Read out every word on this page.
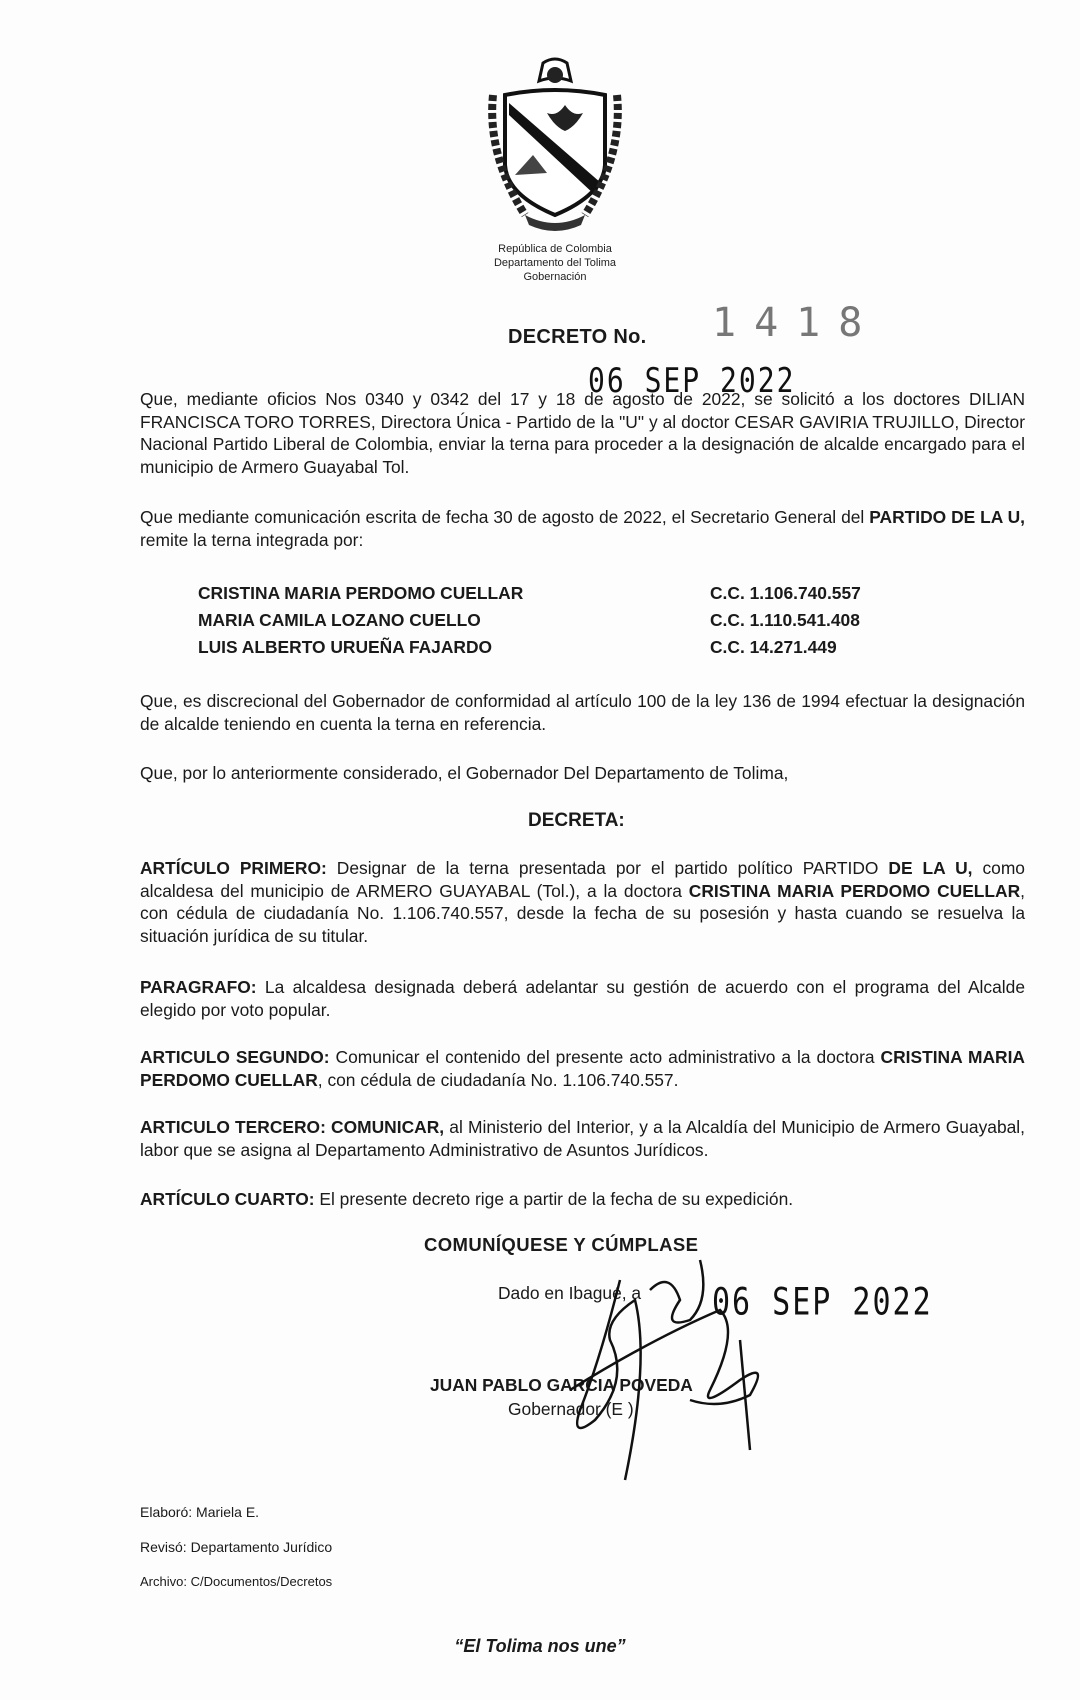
República de Colombia
Departamento del Tolima
Gobernación
DECRETO No. 1418
06 SEP 2022
Que, mediante oficios Nos 0340 y 0342 del 17 y 18 de agosto de 2022, se solicitó a los doctores DILIAN FRANCISCA TORO TORRES, Directora Única - Partido de la "U" y al doctor CESAR GAVIRIA TRUJILLO, Director Nacional Partido Liberal de Colombia, enviar la terna para proceder a la designación de alcalde encargado para el municipio de Armero Guayabal Tol.
Que mediante comunicación escrita de fecha 30 de agosto de 2022, el Secretario General del PARTIDO DE LA U, remite la terna integrada por:
CRISTINA MARIA PERDOMO CUELLAR	C.C. 1.106.740.557
MARIA CAMILA LOZANO CUELLO	C.C. 1.110.541.408
LUIS ALBERTO URUEÑA FAJARDO	C.C. 14.271.449
Que, es discrecional del Gobernador de conformidad al artículo 100 de la ley 136 de 1994 efectuar la designación de alcalde teniendo en cuenta la terna en referencia.
Que, por lo anteriormente considerado, el Gobernador Del Departamento de Tolima,
DECRETA:
ARTÍCULO PRIMERO: Designar de la terna presentada por el partido político PARTIDO DE LA U, como alcaldesa del municipio de ARMERO GUAYABAL (Tol.), a la doctora CRISTINA MARIA PERDOMO CUELLAR, con cédula de ciudadanía No. 1.106.740.557, desde la fecha de su posesión y hasta cuando se resuelva la situación jurídica de su titular.
PARAGRAFO: La alcaldesa designada deberá adelantar su gestión de acuerdo con el programa del Alcalde elegido por voto popular.
ARTICULO SEGUNDO: Comunicar el contenido del presente acto administrativo a la doctora CRISTINA MARIA PERDOMO CUELLAR, con cédula de ciudadanía No. 1.106.740.557.
ARTICULO TERCERO: COMUNICAR, al Ministerio del Interior, y a la Alcaldía del Municipio de Armero Guayabal, labor que se asigna al Departamento Administrativo de Asuntos Jurídicos.
ARTÍCULO CUARTO: El presente decreto rige a partir de la fecha de su expedición.
COMUNÍQUESE Y CÚMPLASE
Dado en Ibagué, a 06 SEP 2022
JUAN PABLO GARCIA POVEDA
Gobernador (E )
Elaboró: Mariela E.
Revisó: Departamento Jurídico
Archivo: C/Documentos/Decretos
“El Tolima nos une”
